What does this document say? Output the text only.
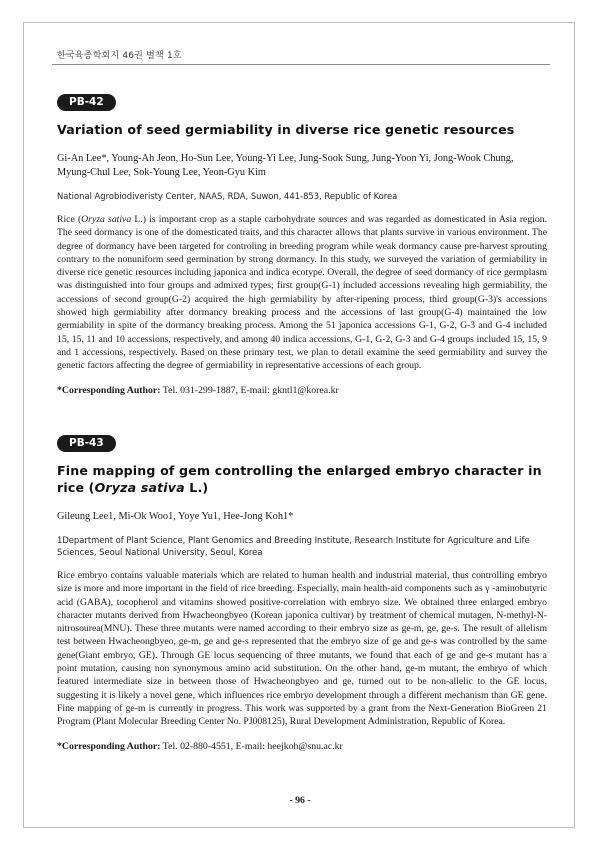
한국육종학회지 46권 별책 1호
PB-42
Variation of seed germiability in diverse rice genetic resources
Gi-An Lee*, Young-Ah Jeon, Ho-Sun Lee, Young-Yi Lee, Jung-Sook Sung, Jung-Yoon Yi, Jong-Wook Chung, Myung-Chul Lee, Sok-Young Lee, Yeon-Gyu Kim
National Agrobiodiveristy Center, NAAS, RDA, Suwon, 441-853, Republic of Korea
Rice (Oryza sativa L.) is important crop as a staple carbohydrate sources and was regarded as domesticated in Asia region. The seed dormancy is one of the domesticated traits, and this character allows that plants survive in various environment. The degree of dormancy have been targeted for controling in breeding program while weak dormancy cause pre-harvest sprouting contrary to the nonuniform seed germination by strong dormancy. In this study, we surveyed the variation of germiability in diverse rice genetic resources including japonica and indica ecotype. Overall, the degree of seed dormancy of rice germplasm was distinguished into four groups and admixed types; first group(G-1) included accessions revealing high germiability, the accessions of second group(G-2) acquired the high germiability by after-ripening process, third group(G-3)'s accessions showed high germiability after dormancy breaking process and the accessions of last group(G-4) maintained the low germiability in spite of the dormancy breaking process. Among the 51 japonica accessions G-1, G-2, G-3 and G-4 included 15, 15, 11 and 10 accessions, respectively, and among 40 indica accessions, G-1, G-2, G-3 and G-4 groups included 15, 15, 9 and 1 accessions, respectively. Based on these primary test, we plan to detail examine the seed germiability and survey the genetic factors affecting the degree of germiability in representative accessions of each group.
*Corresponding Author: Tel. 031-299-1887, E-mail: gkntl1@korea.kr
PB-43
Fine mapping of gem controlling the enlarged embryo character in rice (Oryza sativa L.)
Gileung Lee1, Mi-Ok Woo1, Yoye Yu1, Hee-Jong Koh1*
1Department of Plant Science, Plant Genomics and Breeding Institute, Research Institute for Agriculture and Life Sciences, Seoul National University, Seoul, Korea
Rice embryo contains valuable materials which are related to human health and industrial material, thus controlling embryo size is more and more important in the field of rice breeding. Especially, main health-aid components such as γ -aminobutyric acid (GABA), tocopherol and vitamins showed positive-correlation with embryo size. We obtained three enlarged embryo character mutants derived from Hwacheongbyeo (Korean japonica cultivar) by treatment of chemical mutagen, N-methyl-N-nitrosourea(MNU). These three mutants were named according to their embryo size as ge-m, ge, ge-s. The result of allelism test between Hwacheongbyeo, ge-m, ge and ge-s represented that the embryo size of ge and ge-s was controlled by the same gene(Giant embryo, GE). Through GE locus sequencing of three mutants, we found that each of ge and ge-s mutant has a point mutation, causing non synonymous amino acid substitution. On the other hand, ge-m mutant, the embryo of which featured intermediate size in between those of Hwacheongbyeo and ge, turned out to be non-allelic to the GE locus, suggesting it is likely a novel gene, which influences rice embryo development through a different mechanism than GE gene. Fine mapping of ge-m is currently in progress. This work was supported by a grant from the Next-Generation BioGreen 21 Program (Plant Molecular Breeding Center No. PJ008125), Rural Development Administration, Republic of Korea.
*Corresponding Author: Tel. 02-880-4551, E-mail: heejkoh@snu.ac.kr
- 96 -
